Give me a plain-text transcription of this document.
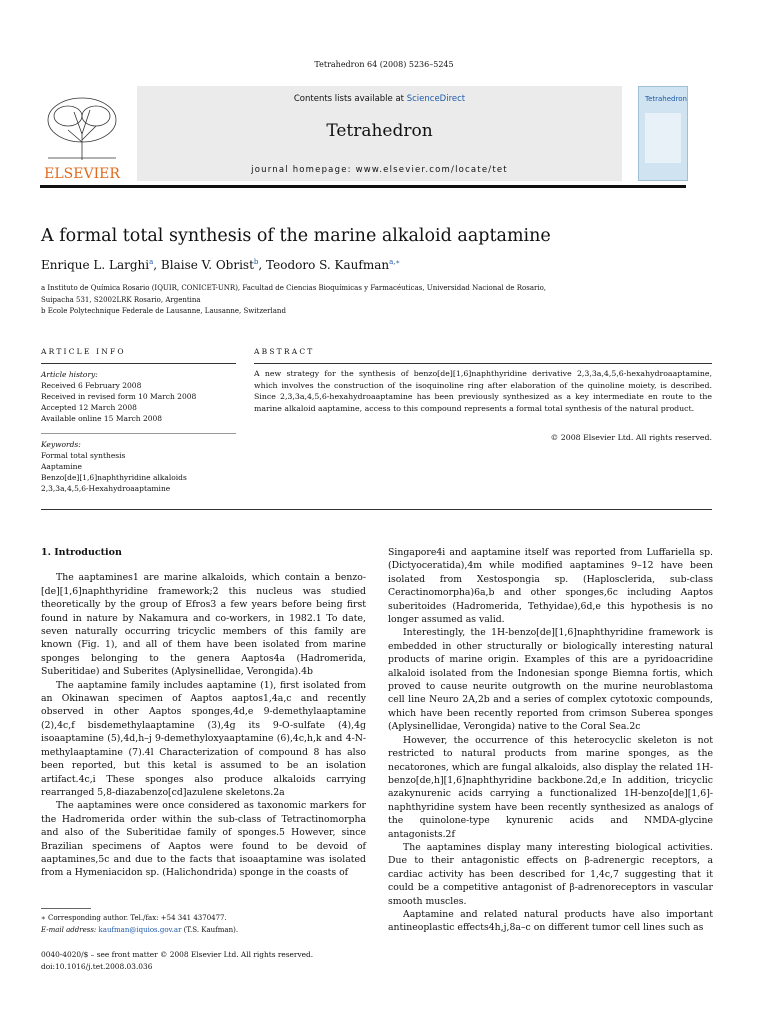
Tetrahedron 64 (2008) 5236–5245
ELSEVIER
Contents lists available at ScienceDirect
Tetrahedron
journal homepage: www.elsevier.com/locate/tet
Tetrahedron
A formal total synthesis of the marine alkaloid aaptamine
Enrique L. Larghi$^a$, Blaise V. Obrist$^b$, Teodoro S. Kaufman$^{a,∗}$
a Instituto de Química Rosario (IQUIR, CONICET-UNR), Facultad de Ciencias Bioquímicas y Farmacéuticas, Universidad Nacional de Rosario,
Suipacha 531, S2002LRK Rosario, Argentina
b Ecole Polytechnique Federale de Lausanne, Lausanne, Switzerland
ARTICLE INFO	ABSTRACT
Article history:
Received 6 February 2008
Received in revised form 10 March 2008
Accepted 12 March 2008
Available online 15 March 2008
Keywords:
Formal total synthesis
Aaptamine
Benzo[de][1,6]naphthyridine alkaloids
2,3,3a,4,5,6-Hexahydroaaptamine
A new strategy for the synthesis of benzo[de][1,6]naphthyridine derivative 2,3,3a,4,5,6-hexahydroaaptamine, which involves the construction of the isoquinoline ring after elaboration of the quinoline moiety, is described. Since 2,3,3a,4,5,6-hexahydroaaptamine has been previously synthesized as a key intermediate en route to the marine alkaloid aaptamine, access to this compound represents a formal total synthesis of the natural product.
© 2008 Elsevier Ltd. All rights reserved.

1. Introduction

The aaptamines1 are marine alkaloids, which contain a benzo-[de][1,6]naphthyridine framework;2 this nucleus was studied theoretically by the group of Efros3 a few years before being first found in nature by Nakamura and co-workers, in 1982.1 To date, seven naturally occurring tricyclic members of this family are known (Fig. 1), and all of them have been isolated from marine sponges belonging to the genera Aaptos4a (Hadromerida, Suberitidae) and Suberites (Aplysinellidae, Verongida).4b

The aaptamine family includes aaptamine (1), first isolated from an Okinawan specimen of Aaptos aaptos1,4a,c and recently observed in other Aaptos sponges,4d,e 9-demethylaaptamine (2),4c,f bisdemethylaaptamine (3),4g its 9-O-sulfate (4),4g isoaaptamine (5),4d,h–j 9-demethyloxyaaptamine (6),4c,h,k and 4-N-methylaaptamine (7).4l Characterization of compound 8 has also been reported, but this ketal is assumed to be an isolation artifact.4c,i These sponges also produce alkaloids carrying rearranged 5,8-diazabenzo[cd]azulene skeletons.2a

The aaptamines were once considered as taxonomic markers for the Hadromerida order within the sub-class of Tetractinomorpha and also of the Suberitidae family of sponges.5 However, since Brazilian specimens of Aaptos were found to be devoid of aaptamines,5c and due to the facts that isoaaptamine was isolated from a Hymeniacidon sp. (Halichondrida) sponge in the coasts of

Singapore4i and aaptamine itself was reported from Luffariella sp. (Dictyoceratida),4m while modified aaptamines 9–12 have been isolated from Xestospongia sp. (Haplosclerida, sub-class Ceractinomorpha)6a,b and other sponges,6c including Aaptos suberitoides (Hadromerida, Tethyidae),6d,e this hypothesis is no longer assumed as valid.

Interestingly, the 1H-benzo[de][1,6]naphthyridine framework is embedded in other structurally or biologically interesting natural products of marine origin. Examples of this are a pyridoacridine alkaloid isolated from the Indonesian sponge Biemna fortis, which proved to cause neurite outgrowth on the murine neuroblastoma cell line Neuro 2A,2b and a series of complex cytotoxic compounds, which have been recently reported from crimson Suberea sponges (Aplysinellidae, Verongida) native to the Coral Sea.2c

However, the occurrence of this heterocyclic skeleton is not restricted to natural products from marine sponges, as the necatorones, which are fungal alkaloids, also display the related 1H-benzo[de,h][1,6]naphthyridine backbone.2d,e In addition, tricyclic azakynurenic acids carrying a functionalized 1H-benzo[de][1,6]-naphthyridine system have been recently synthesized as analogs of the quinolone-type kynurenic acids and NMDA-glycine antagonists.2f

The aaptamines display many interesting biological activities. Due to their antagonistic effects on β-adrenergic receptors, a cardiac activity has been described for 1,4c,7 suggesting that it could be a competitive antagonist of β-adrenoreceptors in vascular smooth muscles.

Aaptamine and related natural products have also important antineoplastic effects4h,j,8a–c on different tumor cell lines such as

∗ Corresponding author. Tel./fax: +54 341 4370477.
E-mail address: kaufman@iquios.gov.ar (T.S. Kaufman).
0040-4020/$ – see front matter © 2008 Elsevier Ltd. All rights reserved.
doi:10.1016/j.tet.2008.03.036
